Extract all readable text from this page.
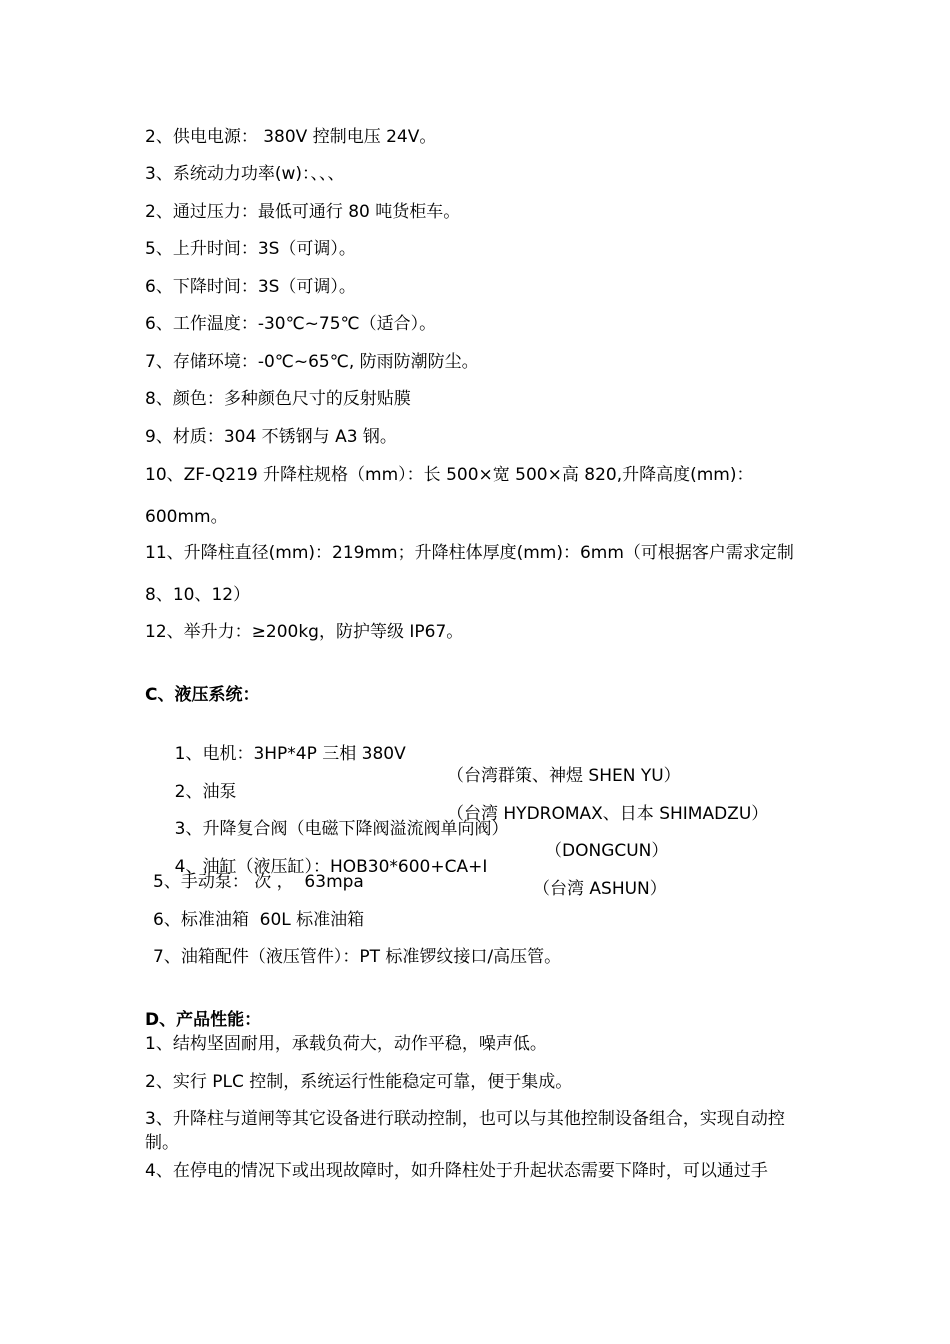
2、供电电源： 380V 控制电压 24V。
3、系统动力功率(w)：、、、
2、通过压力：最低可通行 80 吨货柜车。
5、上升时间：3S（可调）。
6、下降时间：3S（可调）。
6、工作温度：-30℃~75℃（适合）。
7、存储环境：-0℃~65℃, 防雨防潮防尘。
8、颜色：多种颜色尺寸的反射贴膜
9、材质：304 不锈钢与 A3 钢。
10、ZF-Q219 升降柱规格（mm）：长 500×宽 500×高 820,升降高度(mm)：
600mm。
11、升降柱直径(mm)：219mm；升降柱体厚度(mm)：6mm（可根据客户需求定制
8、10、12）
12、举升力：≥200kg，防护等级 IP67。
C、液压系统：

1、电机：3HP*4P 三相 380V

（台湾群策、神煜 SHEN YU）

2、油泵

（台湾 HYDROMAX、日本 SHIMADZU）

3、升降复合阀（电磁下降阀溢流阀单向阀）

（DONGCUN）

4、油缸（液压缸）：HOB30*600+CA+I

（台湾 ASHUN）

5、手动泵： 次 ，  63mpa
6、标准油箱  60L 标准油箱
7、油箱配件（液压管件）：PT 标准锣纹接口/高压管。
D、产品性能：
1、结构坚固耐用，承载负荷大，动作平稳，噪声低。
2、实行 PLC 控制，系统运行性能稳定可靠，便于集成。
3、升降柱与道闸等其它设备进行联动控制，也可以与其他控制设备组合，实现自动控制。
4、在停电的情况下或出现故障时，如升降柱处于升起状态需要下降时，可以通过手
